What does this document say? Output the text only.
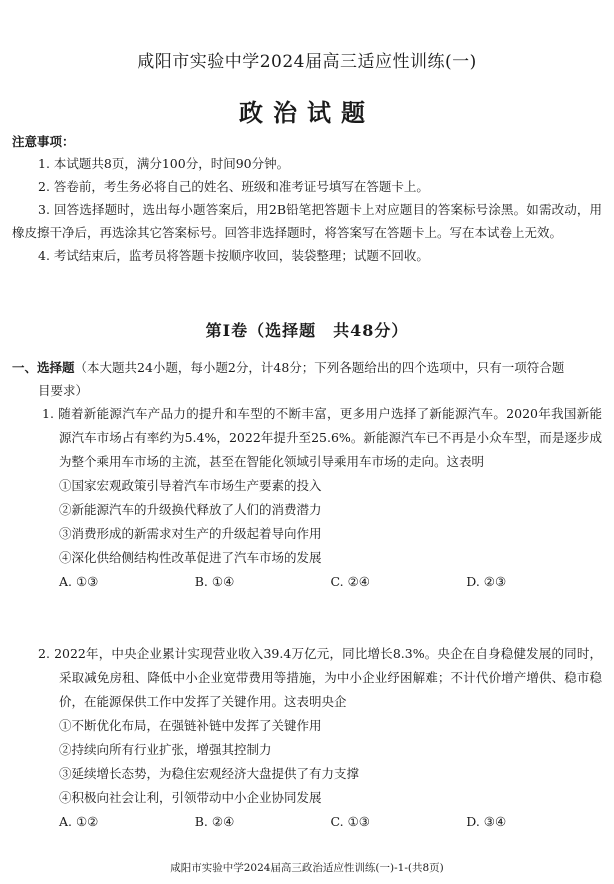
咸阳市实验中学2024届高三适应性训练(一)
政治试题
注意事项：

1. 本试题共8页，满分100分，时间90分钟。

2. 答卷前，考生务必将自己的姓名、班级和准考证号填写在答题卡上。

3. 回答选择题时，选出每小题答案后，用2B铅笔把答题卡上对应题目的答案标号涂黑。如需改动，用橡皮擦干净后，再选涂其它答案标号。回答非选择题时，将答案写在答题卡上。写在本试卷上无效。

4. 考试结束后，监考员将答题卡按顺序收回，装袋整理；试题不回收。

第Ⅰ卷（选择题　共48分）
一、选择题（本大题共24小题，每小题2分，计48分；下列各题给出的四个选项中，只有一项符合题
目要求）

1. 随着新能源汽车产品力的提升和车型的不断丰富，更多用户选择了新能源汽车。2020年我国新能源汽车市场占有率约为5.4%，2022年提升至25.6%。新能源汽车已不再是小众车型，而是逐步成为整个乘用车市场的主流，甚至在智能化领域引导乘用车市场的走向。这表明

①国家宏观政策引导着汽车市场生产要素的投入

②新能源汽车的升级换代释放了人们的消费潜力

③消费形成的新需求对生产的升级起着导向作用

④深化供给侧结构性改革促进了汽车市场的发展

A. ①③	B. ①④	C. ②④	D. ②③

2. 2022年，中央企业累计实现营业收入39.4万亿元，同比增长8.3%。央企在自身稳健发展的同时，采取减免房租、降低中小企业宽带费用等措施，为中小企业纾困解难；不计代价增产增供、稳市稳价，在能源保供工作中发挥了关键作用。这表明央企

①不断优化布局，在强链补链中发挥了关键作用

②持续向所有行业扩张，增强其控制力

③延续增长态势，为稳住宏观经济大盘提供了有力支撑

④积极向社会让利，引领带动中小企业协同发展

A. ①②	B. ②④	C. ①③	D. ③④
咸阳市实验中学2024届高三政治适应性训练(一)-1-(共8页)
